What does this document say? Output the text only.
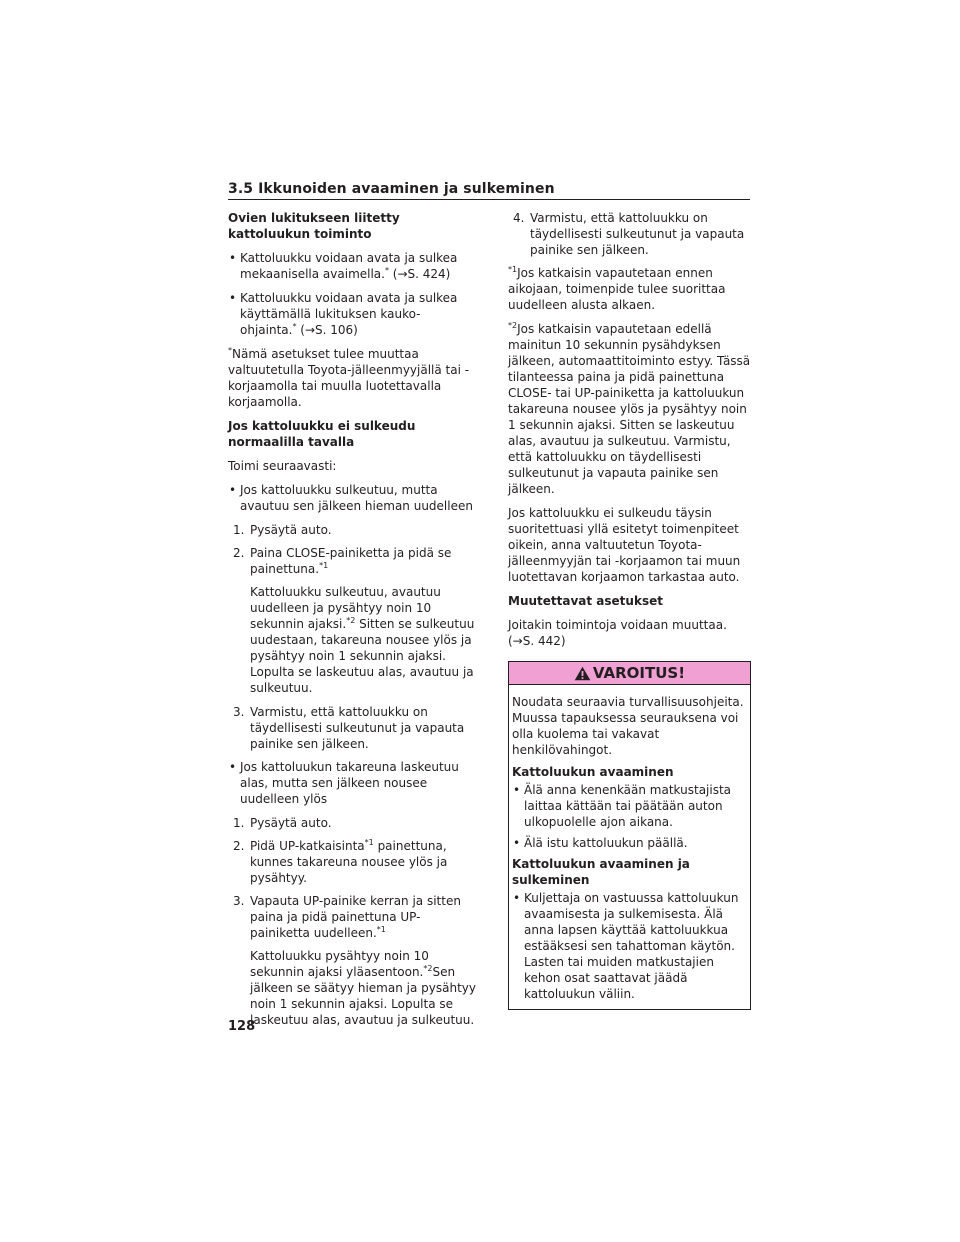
3.5 Ikkunoiden avaaminen ja sulkeminen
Ovien lukitukseen liitetty kattoluukun toiminto
• Kattoluukku voidaan avata ja sulkea mekaanisella avaimella.* (→S. 424)
• Kattoluukku voidaan avata ja sulkea käyttämällä lukituksen kauko-ohjainta.* (→S. 106)

*Nämä asetukset tulee muuttaa valtuutetulla Toyota-jälleenmyyjällä tai -korjaamolla tai muulla luotettavalla korjaamolla.

Jos kattoluukku ei sulkeudu normaalilla tavalla

Toimi seuraavasti:

• Jos kattoluukku sulkeutuu, mutta avautuu sen jälkeen hieman uudelleen
1. Pysäytä auto.
2. Paina CLOSE-painiketta ja pidä se painettuna.$^{*1}$

Kattoluukku sulkeutuu, avautuu uudelleen ja pysähtyy noin 10 sekunnin ajaksi.$^{*2}$ Sitten se sulkeutuu uudestaan, takareuna nousee ylös ja pysähtyy noin 1 sekunnin ajaksi. Lopulta se laskeutuu alas, avautuu ja sulkeutuu.

3. Varmistu, että kattoluukku on täydellisesti sulkeutunut ja vapauta painike sen jälkeen.
• Jos kattoluukun takareuna laskeutuu alas, mutta sen jälkeen nousee uudelleen ylös
1. Pysäytä auto.
2. Pidä UP-katkaisinta$^{*1}$ painettuna, kunnes takareuna nousee ylös ja pysähtyy.
3. Vapauta UP-painike kerran ja sitten paina ja pidä painettuna UP-painiketta uudelleen.$^{*1}$

Kattoluukku pysähtyy noin 10 sekunnin ajaksi yläasentoon.$^{*2}$Sen jälkeen se säätyy hieman ja pysähtyy noin 1 sekunnin ajaksi. Lopulta se laskeutuu alas, avautuu ja sulkeutuu.

4. Varmistu, että kattoluukku on täydellisesti sulkeutunut ja vapauta painike sen jälkeen.

$^{*1}$Jos katkaisin vapautetaan ennen aikojaan, toimenpide tulee suorittaa uudelleen alusta alkaen.

$^{*2}$Jos katkaisin vapautetaan edellä mainitun 10 sekunnin pysähdyksen jälkeen, automaattitoiminto estyy. Tässä tilanteessa paina ja pidä painettuna CLOSE- tai UP-painiketta ja kattoluukun takareuna nousee ylös ja pysähtyy noin 1 sekunnin ajaksi. Sitten se laskeutuu alas, avautuu ja sulkeutuu. Varmistu, että kattoluukku on täydellisesti sulkeutunut ja vapauta painike sen jälkeen.

Jos kattoluukku ei sulkeudu täysin suoritettuasi yllä esitetyt toimenpiteet oikein, anna valtuutetun Toyota-jälleenmyyjän tai -korjaamon tai muun luotettavan korjaamon tarkastaa auto.

Muutettavat asetukset

Joitakin toimintoja voidaan muuttaa. (→S. 442)

VAROITUS!

Noudata seuraavia turvallisuusohjeita. Muussa tapauksessa seurauksena voi olla kuolema tai vakavat henkilövahingot.

Kattoluukun avaaminen
• Älä anna kenenkään matkustajista laittaa kättään tai päätään auton ulkopuolelle ajon aikana.
• Älä istu kattoluukun päällä.
Kattoluukun avaaminen ja sulkeminen
• Kuljettaja on vastuussa kattoluukun avaamisesta ja sulkemisesta. Älä anna lapsen käyttää kattoluukkua estääksesi sen tahattoman käytön. Lasten tai muiden matkustajien kehon osat saattavat jäädä kattoluukun väliin.
128
